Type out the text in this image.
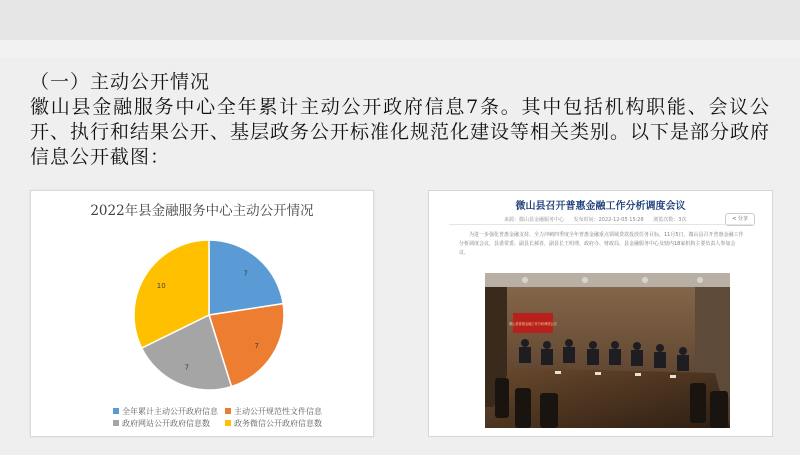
（一）主动公开情况
徽山县金融服务中心全年累计主动公开政府信息7条。其中包括机构职能、会议公开、执行和结果公开、基层政务公开标准化规范化建设等相关类别。以下是部分政府信息公开截图：
2022年县金融服务中心主动公开情况
7
7
7
10
全年累计主动公开政府信息 主动公开规范性文件信息政府网站公开政府信息数	政务微信公开政府信息数
微山县召开普惠金融工作分析调度会议
来源：微山县金融服务中心 发布时间：2022-12-05 15:28 浏览次数：3次	< 分享
为进一步强化普惠金融支持，全力冲刺四季度全年普惠金融重点领域贷款投放任务目标，11月5日，微山县召开普惠金融工作分析调度会议，县委常委、副县长郝喜，副县长王明理、政府办、财政局、县金融服务中心及辖内18家机构主要负责人参加会议。
微山县普惠金融工作分析调度会议
